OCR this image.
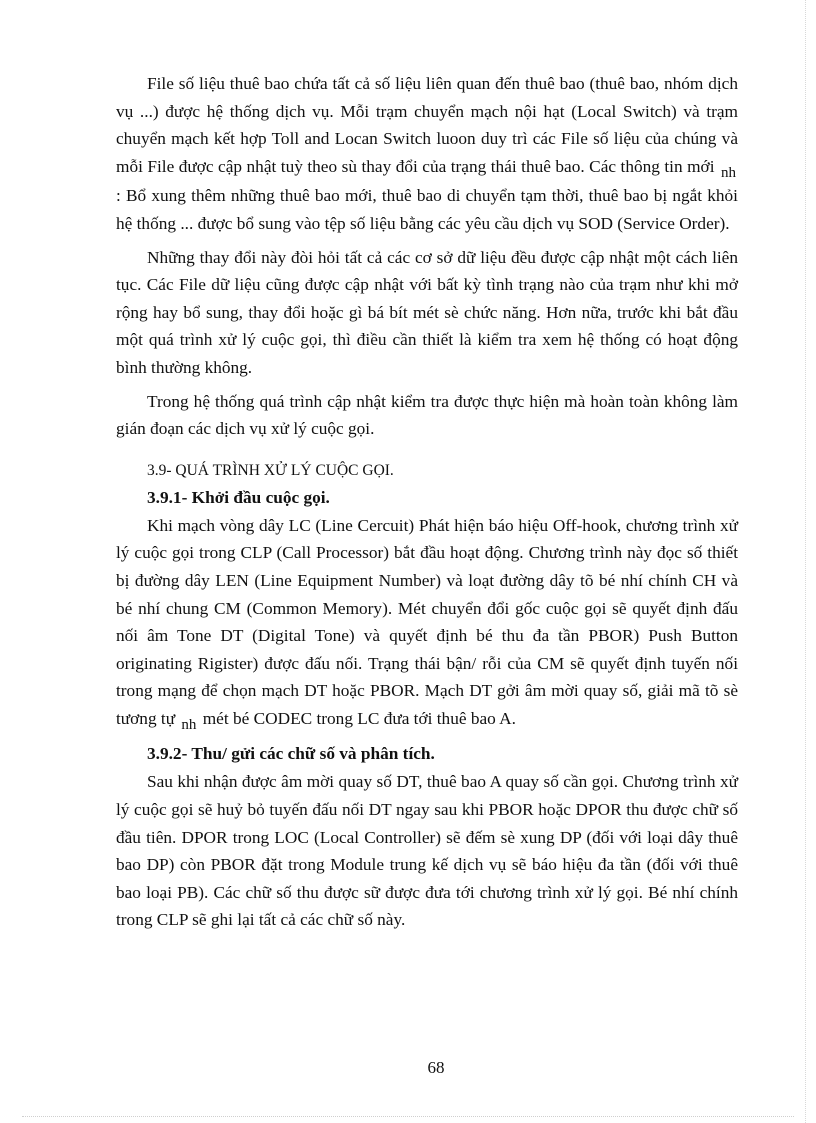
File số liệu thuê bao chứa tất cả số liệu liên quan đến thuê bao (thuê bao, nhóm dịch vụ ...) được hệ thống dịch vụ. Mỗi trạm chuyển mạch nội hạt (Local Switch) và trạm chuyển mạch kết hợp Toll and Locan Switch luoon duy trì các File số liệu của chúng và mỗi File được cập nhật tuỳ theo sù thay đổi của trạng thái thuê bao. Các thông tin mới nh : Bổ xung thêm những thuê bao mới, thuê bao di chuyển tạm thời, thuê bao bị ngắt khỏi hệ thống ... được bổ sung vào tệp số liệu bằng các yêu cầu dịch vụ SOD (Service Order).

Những thay đổi này đòi hỏi tất cả các cơ sở dữ liệu đều được cập nhật một cách liên tục. Các File dữ liệu cũng được cập nhật với bất kỳ tình trạng nào của trạm như khi mở rộng hay bổ sung, thay đổi hoặc gì bá bít mét sè chức năng. Hơn nữa, trước khi bắt đầu một quá trình xử lý cuộc gọi, thì điều cần thiết là kiểm tra xem hệ thống có hoạt động bình thường không.

Trong hệ thống quá trình cập nhật kiểm tra được thực hiện mà hoàn toàn không làm gián đoạn các dịch vụ xử lý cuộc gọi.

3.9- QUÁ TRÌNH XỬ LÝ CUỘC GỌI.

3.9.1- Khởi đầu cuộc gọi.

Khi mạch vòng dây LC (Line Cercuit) Phát hiện báo hiệu Off-hook, chương trình xử lý cuộc gọi trong CLP (Call Processor) bắt đầu hoạt động. Chương trình này đọc số thiết bị đường dây LEN (Line Equipment Number) và loạt đường dây tõ bé nhí chính CH và bé nhí chung CM (Common Memory). Mét chuyển đổi gốc cuộc gọi sẽ quyết định đấu nối âm Tone DT (Digital Tone) và quyết định bé thu đa tần PBOR) Push Button originating Rigister) được đấu nối. Trạng thái bận/ rỗi của CM sẽ quyết định tuyến nối trong mạng để chọn mạch DT hoặc PBOR. Mạch DT gởi âm mời quay số, giải mã tõ sè tương tự nh mét bé CODEC trong LC đưa tới thuê bao A.

3.9.2- Thu/ gửi các chữ số và phân tích.

Sau khi nhận được âm mời quay số DT, thuê bao A quay số cần gọi. Chương trình xử lý cuộc gọi sẽ huỷ bỏ tuyến đấu nối DT ngay sau khi PBOR hoặc DPOR thu được chữ số đầu tiên. DPOR trong LOC (Local Controller) sẽ đếm sè xung DP (đối với loại dây thuê bao DP) còn PBOR đặt trong Module trung kế dịch vụ sẽ báo hiệu đa tần (đối với thuê bao loại PB). Các chữ số thu được sữ được đưa tới chương trình xử lý gọi. Bé nhí chính trong CLP sẽ ghi lại tất cả các chữ số này.

68
